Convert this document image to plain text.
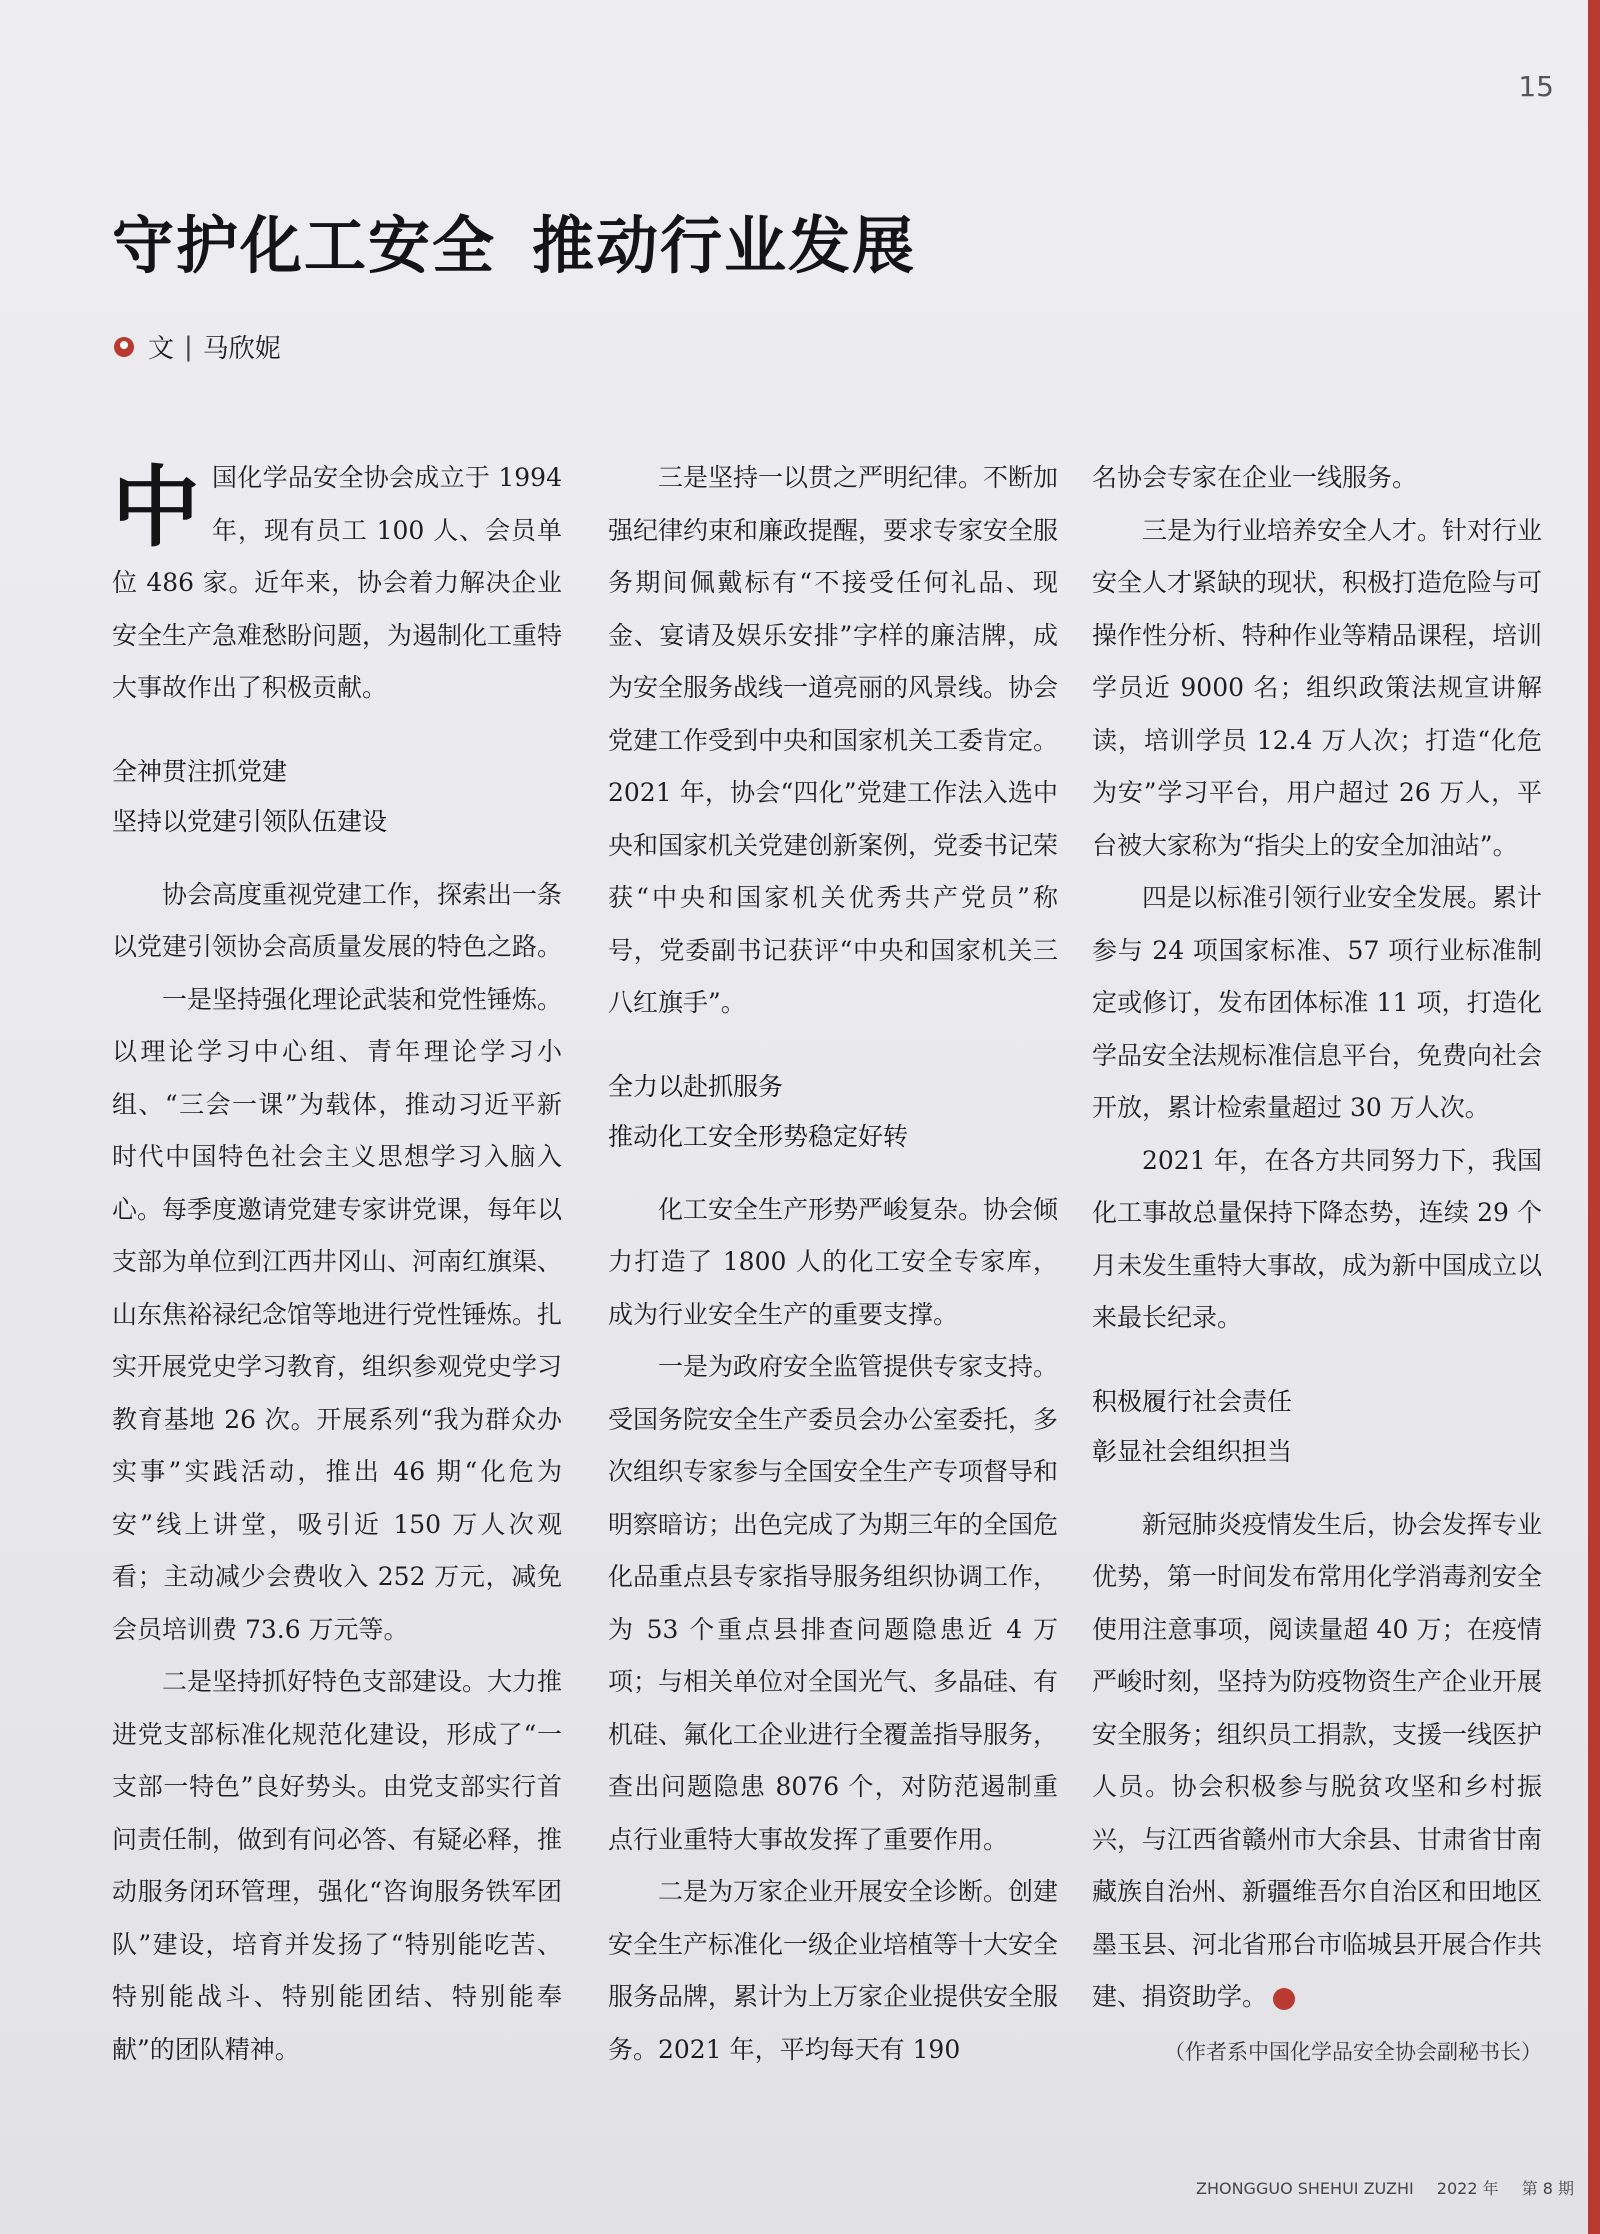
15
守护化工安全 推动行业发展
文 | 马欣妮

中国化学品安全协会成立于 1994 年，现有员工 100 人、会员单位 486 家。近年来，协会着力解决企业安全生产急难愁盼问题，为遏制化工重特大事故作出了积极贡献。

全神贯注抓党建
坚持以党建引领队伍建设

协会高度重视党建工作，探索出一条以党建引领协会高质量发展的特色之路。

一是坚持强化理论武装和党性锤炼。以理论学习中心组、青年理论学习小组、“三会一课”为载体，推动习近平新时代中国特色社会主义思想学习入脑入心。每季度邀请党建专家讲党课，每年以支部为单位到江西井冈山、河南红旗渠、山东焦裕禄纪念馆等地进行党性锤炼。扎实开展党史学习教育，组织参观党史学习教育基地 26 次。开展系列“我为群众办实事”实践活动，推出 46 期“化危为安”线上讲堂，吸引近 150 万人次观看；主动减少会费收入 252 万元，减免会员培训费 73.6 万元等。

二是坚持抓好特色支部建设。大力推进党支部标准化规范化建设，形成了“一支部一特色”良好势头。由党支部实行首问责任制，做到有问必答、有疑必释，推动服务闭环管理，强化“咨询服务铁军团队”建设，培育并发扬了“特别能吃苦、特别能战斗、特别能团结、特别能奉献”的团队精神。

三是坚持一以贯之严明纪律。不断加强纪律约束和廉政提醒，要求专家安全服务期间佩戴标有“不接受任何礼品、现金、宴请及娱乐安排”字样的廉洁牌，成为安全服务战线一道亮丽的风景线。协会党建工作受到中央和国家机关工委肯定。2021 年，协会“四化”党建工作法入选中央和国家机关党建创新案例，党委书记荣获“中央和国家机关优秀共产党员”称号，党委副书记获评“中央和国家机关三八红旗手”。

全力以赴抓服务
推动化工安全形势稳定好转

化工安全生产形势严峻复杂。协会倾力打造了 1800 人的化工安全专家库，成为行业安全生产的重要支撑。

一是为政府安全监管提供专家支持。受国务院安全生产委员会办公室委托，多次组织专家参与全国安全生产专项督导和明察暗访；出色完成了为期三年的全国危化品重点县专家指导服务组织协调工作，为 53 个重点县排查问题隐患近 4 万项；与相关单位对全国光气、多晶硅、有机硅、氟化工企业进行全覆盖指导服务，查出问题隐患 8076 个，对防范遏制重点行业重特大事故发挥了重要作用。

二是为万家企业开展安全诊断。创建安全生产标准化一级企业培植等十大安全服务品牌，累计为上万家企业提供安全服务。2021 年，平均每天有 190

名协会专家在企业一线服务。

三是为行业培养安全人才。针对行业安全人才紧缺的现状，积极打造危险与可操作性分析、特种作业等精品课程，培训学员近 9000 名；组织政策法规宣讲解读，培训学员 12.4 万人次；打造“化危为安”学习平台，用户超过 26 万人，平台被大家称为“指尖上的安全加油站”。

四是以标准引领行业安全发展。累计参与 24 项国家标准、57 项行业标准制定或修订，发布团体标准 11 项，打造化学品安全法规标准信息平台，免费向社会开放，累计检索量超过 30 万人次。

2021 年，在各方共同努力下，我国化工事故总量保持下降态势，连续 29 个月未发生重特大事故，成为新中国成立以来最长纪录。

积极履行社会责任
彰显社会组织担当

新冠肺炎疫情发生后，协会发挥专业优势，第一时间发布常用化学消毒剂安全使用注意事项，阅读量超 40 万；在疫情严峻时刻，坚持为防疫物资生产企业开展安全服务；组织员工捐款，支援一线医护人员。协会积极参与脱贫攻坚和乡村振兴，与江西省赣州市大余县、甘肃省甘南藏族自治州、新疆维吾尔自治区和田地区墨玉县、河北省邢台市临城县开展合作共建、捐资助学。

（作者系中国化学品安全协会副秘书长）
ZHONGGUO SHEHUI ZUZHI 2022 年 第 8 期
